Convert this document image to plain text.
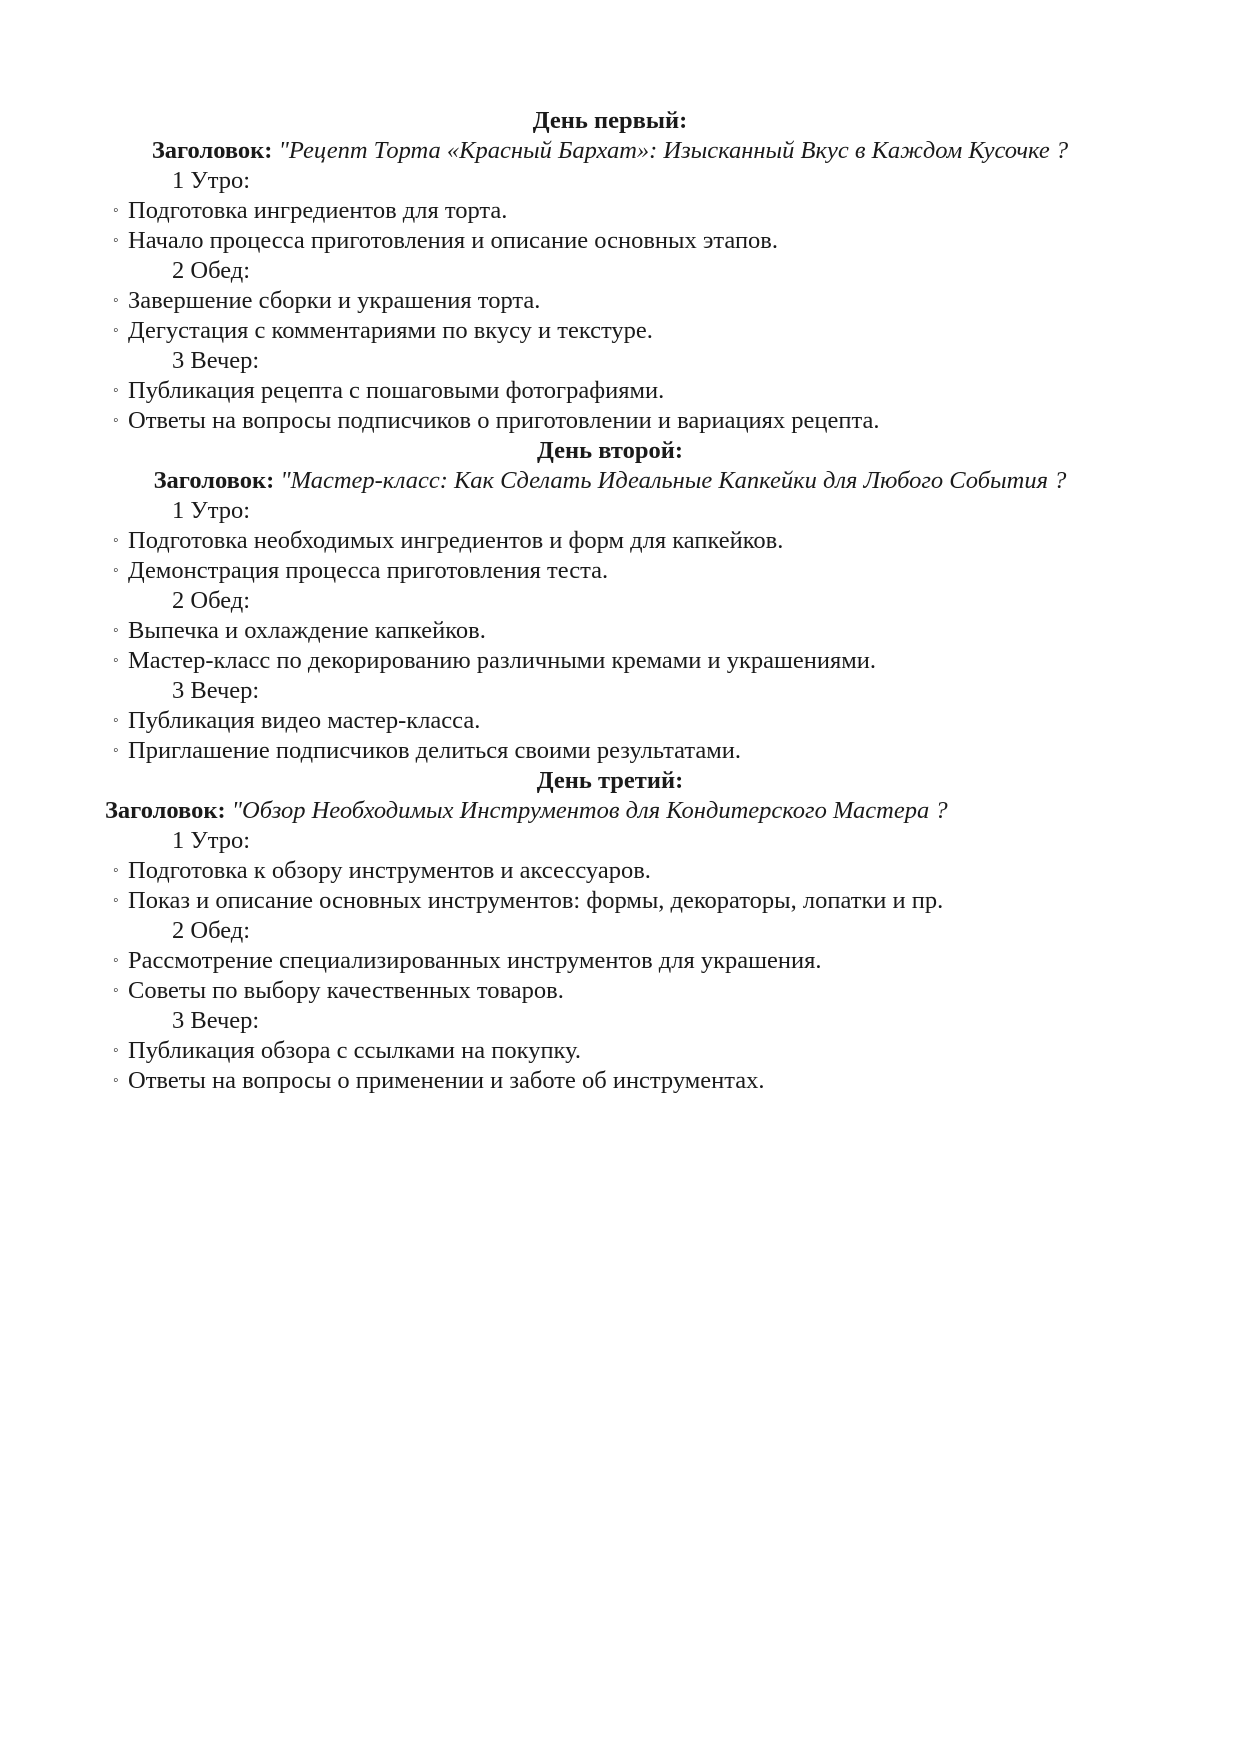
День первый:
Заголовок: "Рецепт Торта «Красный Бархат»: Изысканный Вкус в Каждом Кусочке ?
1 Утро:
◦ Подготовка ингредиентов для торта.
◦ Начало процесса приготовления и описание основных этапов.
2 Обед:
◦ Завершение сборки и украшения торта.
◦ Дегустация с комментариями по вкусу и текстуре.
3 Вечер:
◦ Публикация рецепта с пошаговыми фотографиями.
◦ Ответы на вопросы подписчиков о приготовлении и вариациях рецепта.
День второй:
Заголовок: "Мастер-класс: Как Сделать Идеальные Капкейки для Любого События ?
1 Утро:
◦ Подготовка необходимых ингредиентов и форм для капкейков.
◦ Демонстрация процесса приготовления теста.
2 Обед:
◦ Выпечка и охлаждение капкейков.
◦ Мастер-класс по декорированию различными кремами и украшениями.
3 Вечер:
◦ Публикация видео мастер-класса.
◦ Приглашение подписчиков делиться своими результатами.
День третий:
Заголовок: "Обзор Необходимых Инструментов для Кондитерского Мастера ?
1 Утро:
◦ Подготовка к обзору инструментов и аксессуаров.
◦ Показ и описание основных инструментов: формы, декораторы, лопатки и пр.
2 Обед:
◦ Рассмотрение специализированных инструментов для украшения.
◦ Советы по выбору качественных товаров.
3 Вечер:
◦ Публикация обзора с ссылками на покупку.
◦ Ответы на вопросы о применении и заботе об инструментах.
